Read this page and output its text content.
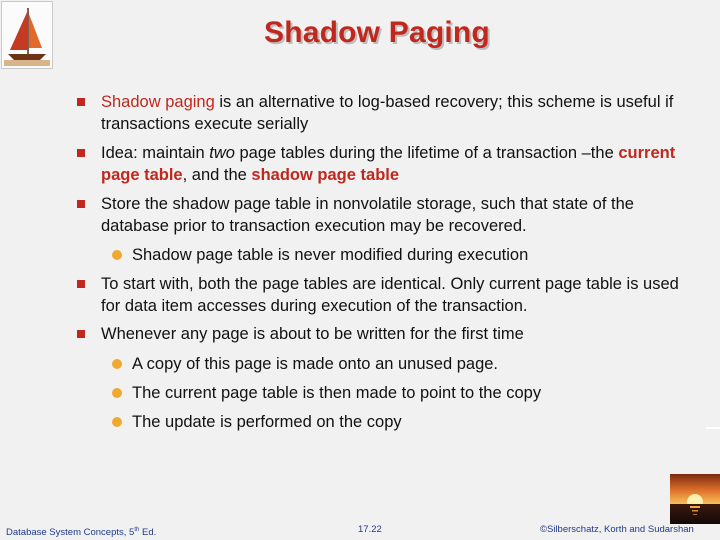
Shadow Paging
Shadow paging is an alternative to log-based recovery; this scheme is useful if transactions execute serially
Idea: maintain two page tables during the lifetime of a transaction –the current page table, and the shadow page table
Store the shadow page table in nonvolatile storage, such that state of the database prior to transaction execution may be recovered.
Shadow page table is never modified during execution
To start with, both the page tables are identical. Only current page table is used for data item accesses during execution of the transaction.
Whenever any page is about to be written for the first time
A copy of this page is made onto an unused page.
The current page table is then made to point to the copy
The update is performed on the copy
Database System Concepts, 5th Ed.	17.22	©Silberschatz, Korth and Sudarshan
